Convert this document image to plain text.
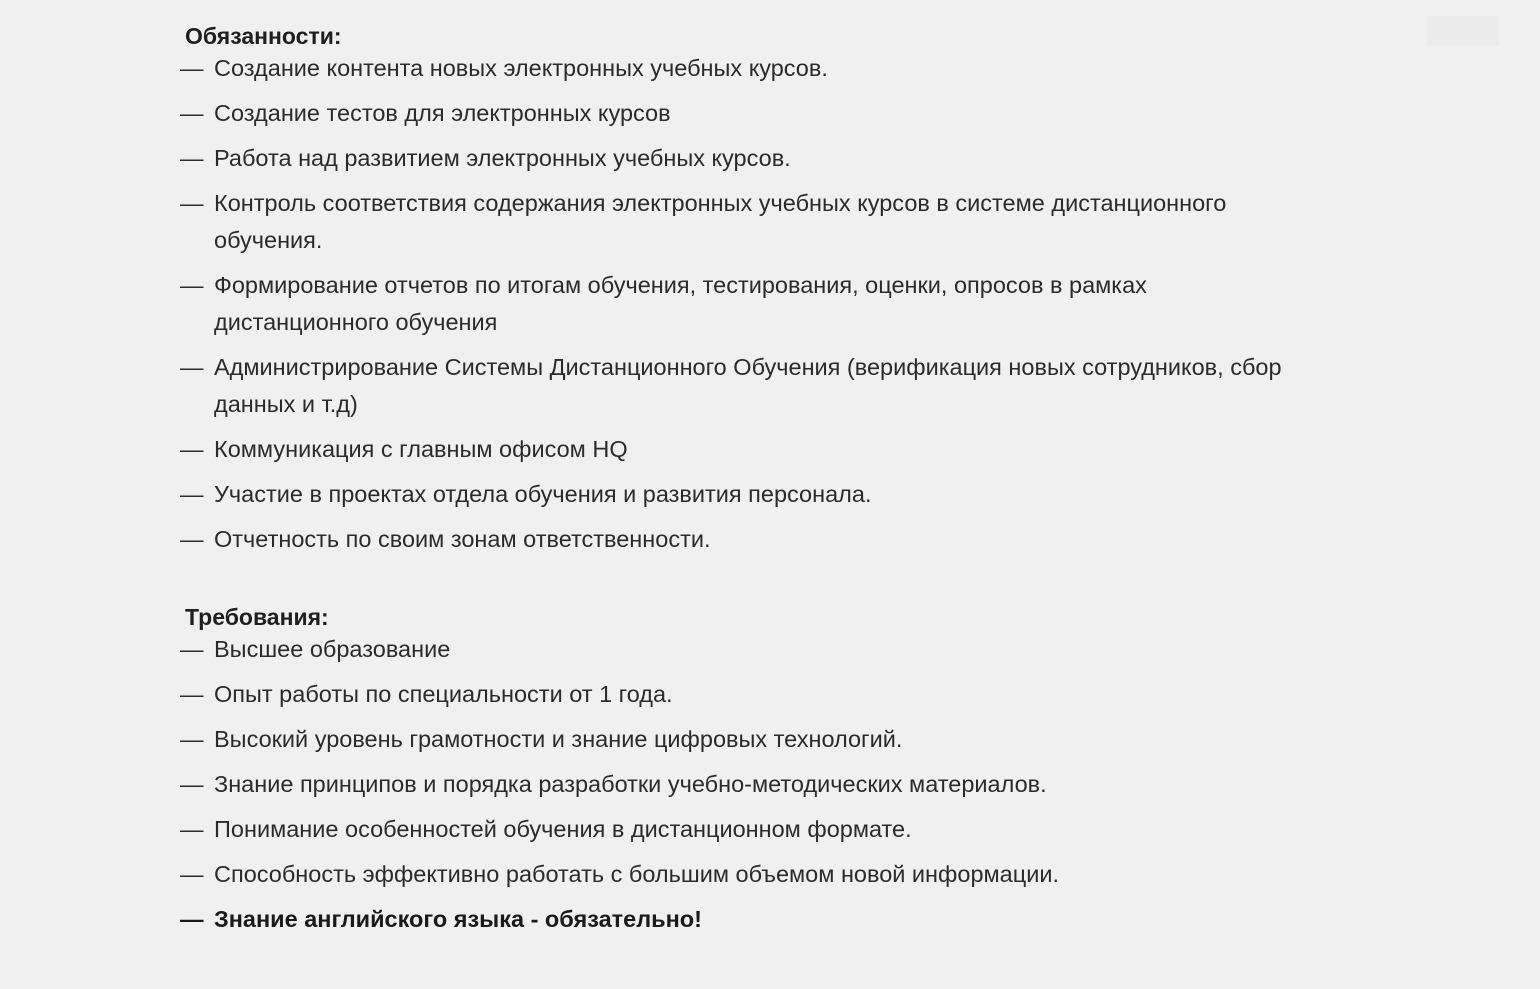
Обязанности:
— Создание контента новых электронных учебных курсов.
— Создание тестов для электронных курсов
— Работа над развитием электронных учебных курсов.
— Контроль соответствия содержания электронных учебных курсов в системе дистанционного обучения.
— Формирование отчетов по итогам обучения, тестирования, оценки, опросов в рамках дистанционного обучения
— Администрирование Системы Дистанционного Обучения (верификация новых сотрудников, сбор данных и т.д)
— Коммуникация с главным офисом HQ
— Участие в проектах отдела обучения и развития персонала.
— Отчетность по своим зонам ответственности.
Требования:
— Высшее образование
— Опыт работы по специальности от 1 года.
— Высокий уровень грамотности и знание цифровых технологий.
— Знание принципов и порядка разработки учебно-методических материалов.
— Понимание особенностей обучения в дистанционном формате.
— Способность эффективно работать с большим объемом новой информации.
— Знание английского языка - обязательно!
